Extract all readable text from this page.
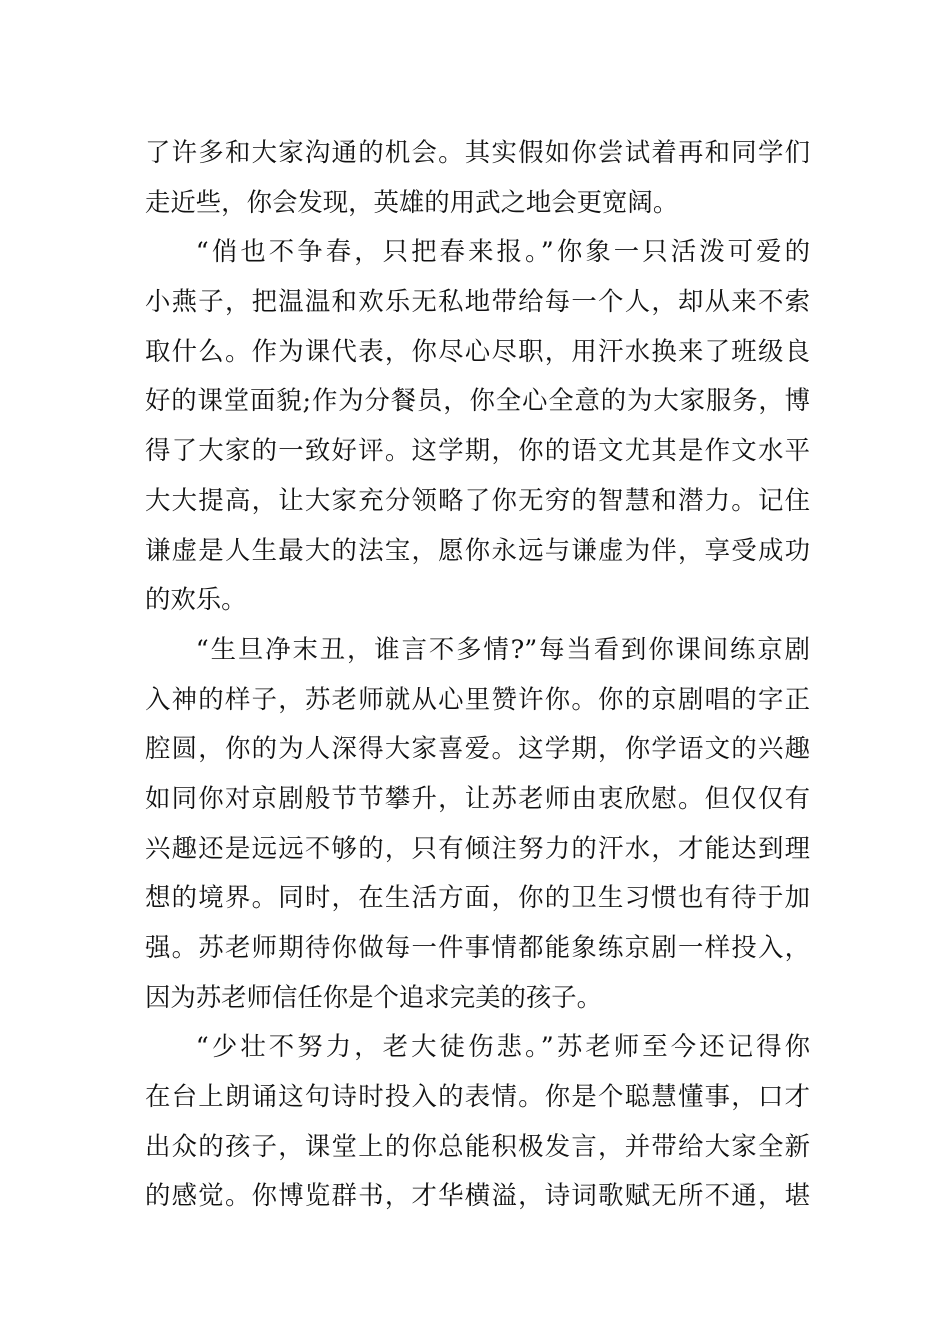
了许多和大家沟通的机会。其实假如你尝试着再和同学们
走近些，你会发现，英雄的用武之地会更宽阔。
“俏也不争春，只把春来报。”你象一只活泼可爱的
小燕子，把温温和欢乐无私地带给每一个人，却从来不索
取什么。作为课代表，你尽心尽职，用汗水换来了班级良
好的课堂面貌;作为分餐员，你全心全意的为大家服务，博
得了大家的一致好评。这学期，你的语文尤其是作文水平
大大提高，让大家充分领略了你无穷的智慧和潜力。记住
谦虚是人生最大的法宝，愿你永远与谦虚为伴，享受成功
的欢乐。
“生旦净末丑，谁言不多情?”每当看到你课间练京剧
入神的样子，苏老师就从心里赞许你。你的京剧唱的字正
腔圆，你的为人深得大家喜爱。这学期，你学语文的兴趣
如同你对京剧般节节攀升，让苏老师由衷欣慰。但仅仅有
兴趣还是远远不够的，只有倾注努力的汗水，才能达到理
想的境界。同时，在生活方面，你的卫生习惯也有待于加
强。苏老师期待你做每一件事情都能象练京剧一样投入，
因为苏老师信任你是个追求完美的孩子。
“少壮不努力，老大徒伤悲。”苏老师至今还记得你
在台上朗诵这句诗时投入的表情。你是个聪慧懂事，口才
出众的孩子，课堂上的你总能积极发言，并带给大家全新
的感觉。你博览群书，才华横溢，诗词歌赋无所不通，堪
